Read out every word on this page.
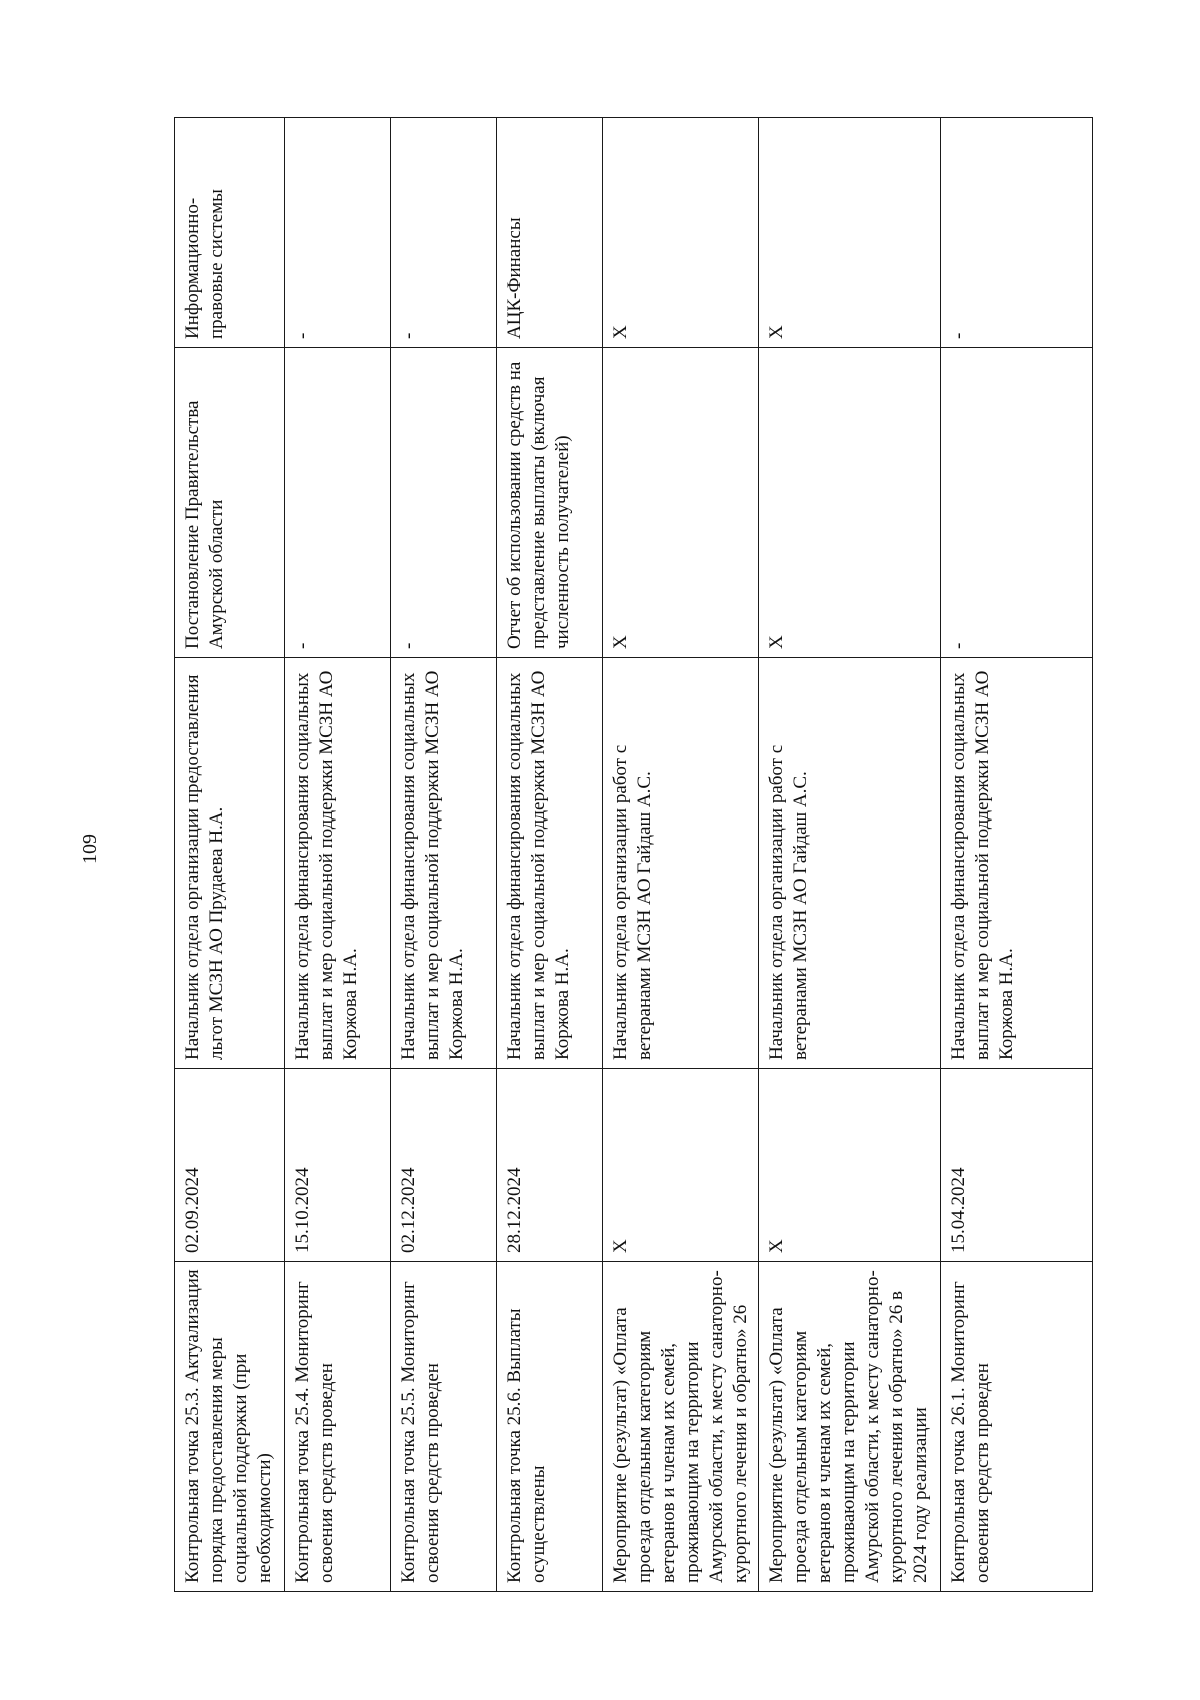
109
Контрольная точка 25.3. Актуализация порядка предоставления меры социальной поддержки (при необходимости)	02.09.2024	Начальник отдела организации предоставления льгот МСЗН АО Прудаева Н.А.	Постановление Правительства Амурской области	Информационно-правовые системы
Контрольная точка 25.4. Мониторинг освоения средств проведен	15.10.2024	Начальник отдела финансирования социальных выплат и мер социальной поддержки МСЗН АО Коржова Н.А.	-	-
Контрольная точка 25.5. Мониторинг освоения средств проведен	02.12.2024	Начальник отдела финансирования социальных выплат и мер социальной поддержки МСЗН АО Коржова Н.А.	-	-
Контрольная точка 25.6. Выплаты осуществлены	28.12.2024	Начальник отдела финансирования социальных выплат и мер социальной поддержки МСЗН АО Коржова Н.А.	Отчет об использовании средств на представление выплаты (включая численность получателей)	АЦК-Финансы
Мероприятие (результат) «Оплата проезда отдельным категориям ветеранов и членам их семей, проживающим на территории Амурской области, к месту санаторно-курортного лечения и обратно» 26	X	Начальник отдела организации работ с ветеранами МСЗН АО Гайдаш А.С.	X	X
Мероприятие (результат) «Оплата проезда отдельным категориям ветеранов и членам их семей, проживающим на территории Амурской области, к месту санаторно-курортного лечения и обратно» 26 в 2024 году реализации	X	Начальник отдела организации работ с ветеранами МСЗН АО Гайдаш А.С.	X	X
Контрольная точка 26.1. Мониторинг освоения средств проведен	15.04.2024	Начальник отдела финансирования социальных выплат и мер социальной поддержки МСЗН АО Коржова Н.А.	-	-
